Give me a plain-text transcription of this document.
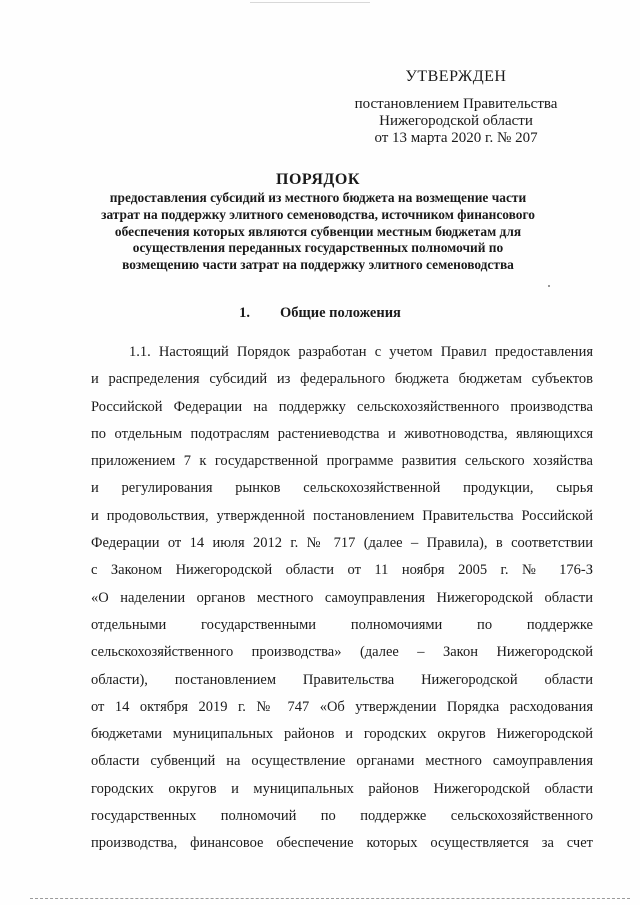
УТВЕРЖДЕН
постановлением Правительства
Нижегородской области
от 13 марта 2020 г. № 207
ПОРЯДОК
предоставления субсидий из местного бюджета на возмещение части
затрат на поддержку элитного семеноводства, источником финансового
обеспечения которых являются субвенции местным бюджетам для
осуществления переданных государственных полномочий по
возмещению части затрат на поддержку элитного семеноводства
1. Общие положения
1.1. Настоящий Порядок разработан с учетом Правил предоставления
и распределения субсидий из федерального бюджета бюджетам субъектов
Российской Федерации на поддержку сельскохозяйственного производства
по отдельным подотраслям растениеводства и животноводства, являющихся
приложением 7 к государственной программе развития сельского хозяйства
и регулирования рынков сельскохозяйственной продукции, сырья
и продовольствия, утвержденной постановлением Правительства Российской
Федерации от 14 июля 2012 г. № 717 (далее – Правила), в соответствии
с Законом Нижегородской области от 11 ноября 2005 г. № 176-З
«О наделении органов местного самоуправления Нижегородской области
отдельными государственными полномочиями по поддержке
сельскохозяйственного производства» (далее – Закон Нижегородской
области), постановлением Правительства Нижегородской области
от 14 октября 2019 г. № 747 «Об утверждении Порядка расходования
бюджетами муниципальных районов и городских округов Нижегородской
области субвенций на осуществление органами местного самоуправления
городских округов и муниципальных районов Нижегородской области
государственных полномочий по поддержке сельскохозяйственного
производства, финансовое обеспечение которых осуществляется за счет
